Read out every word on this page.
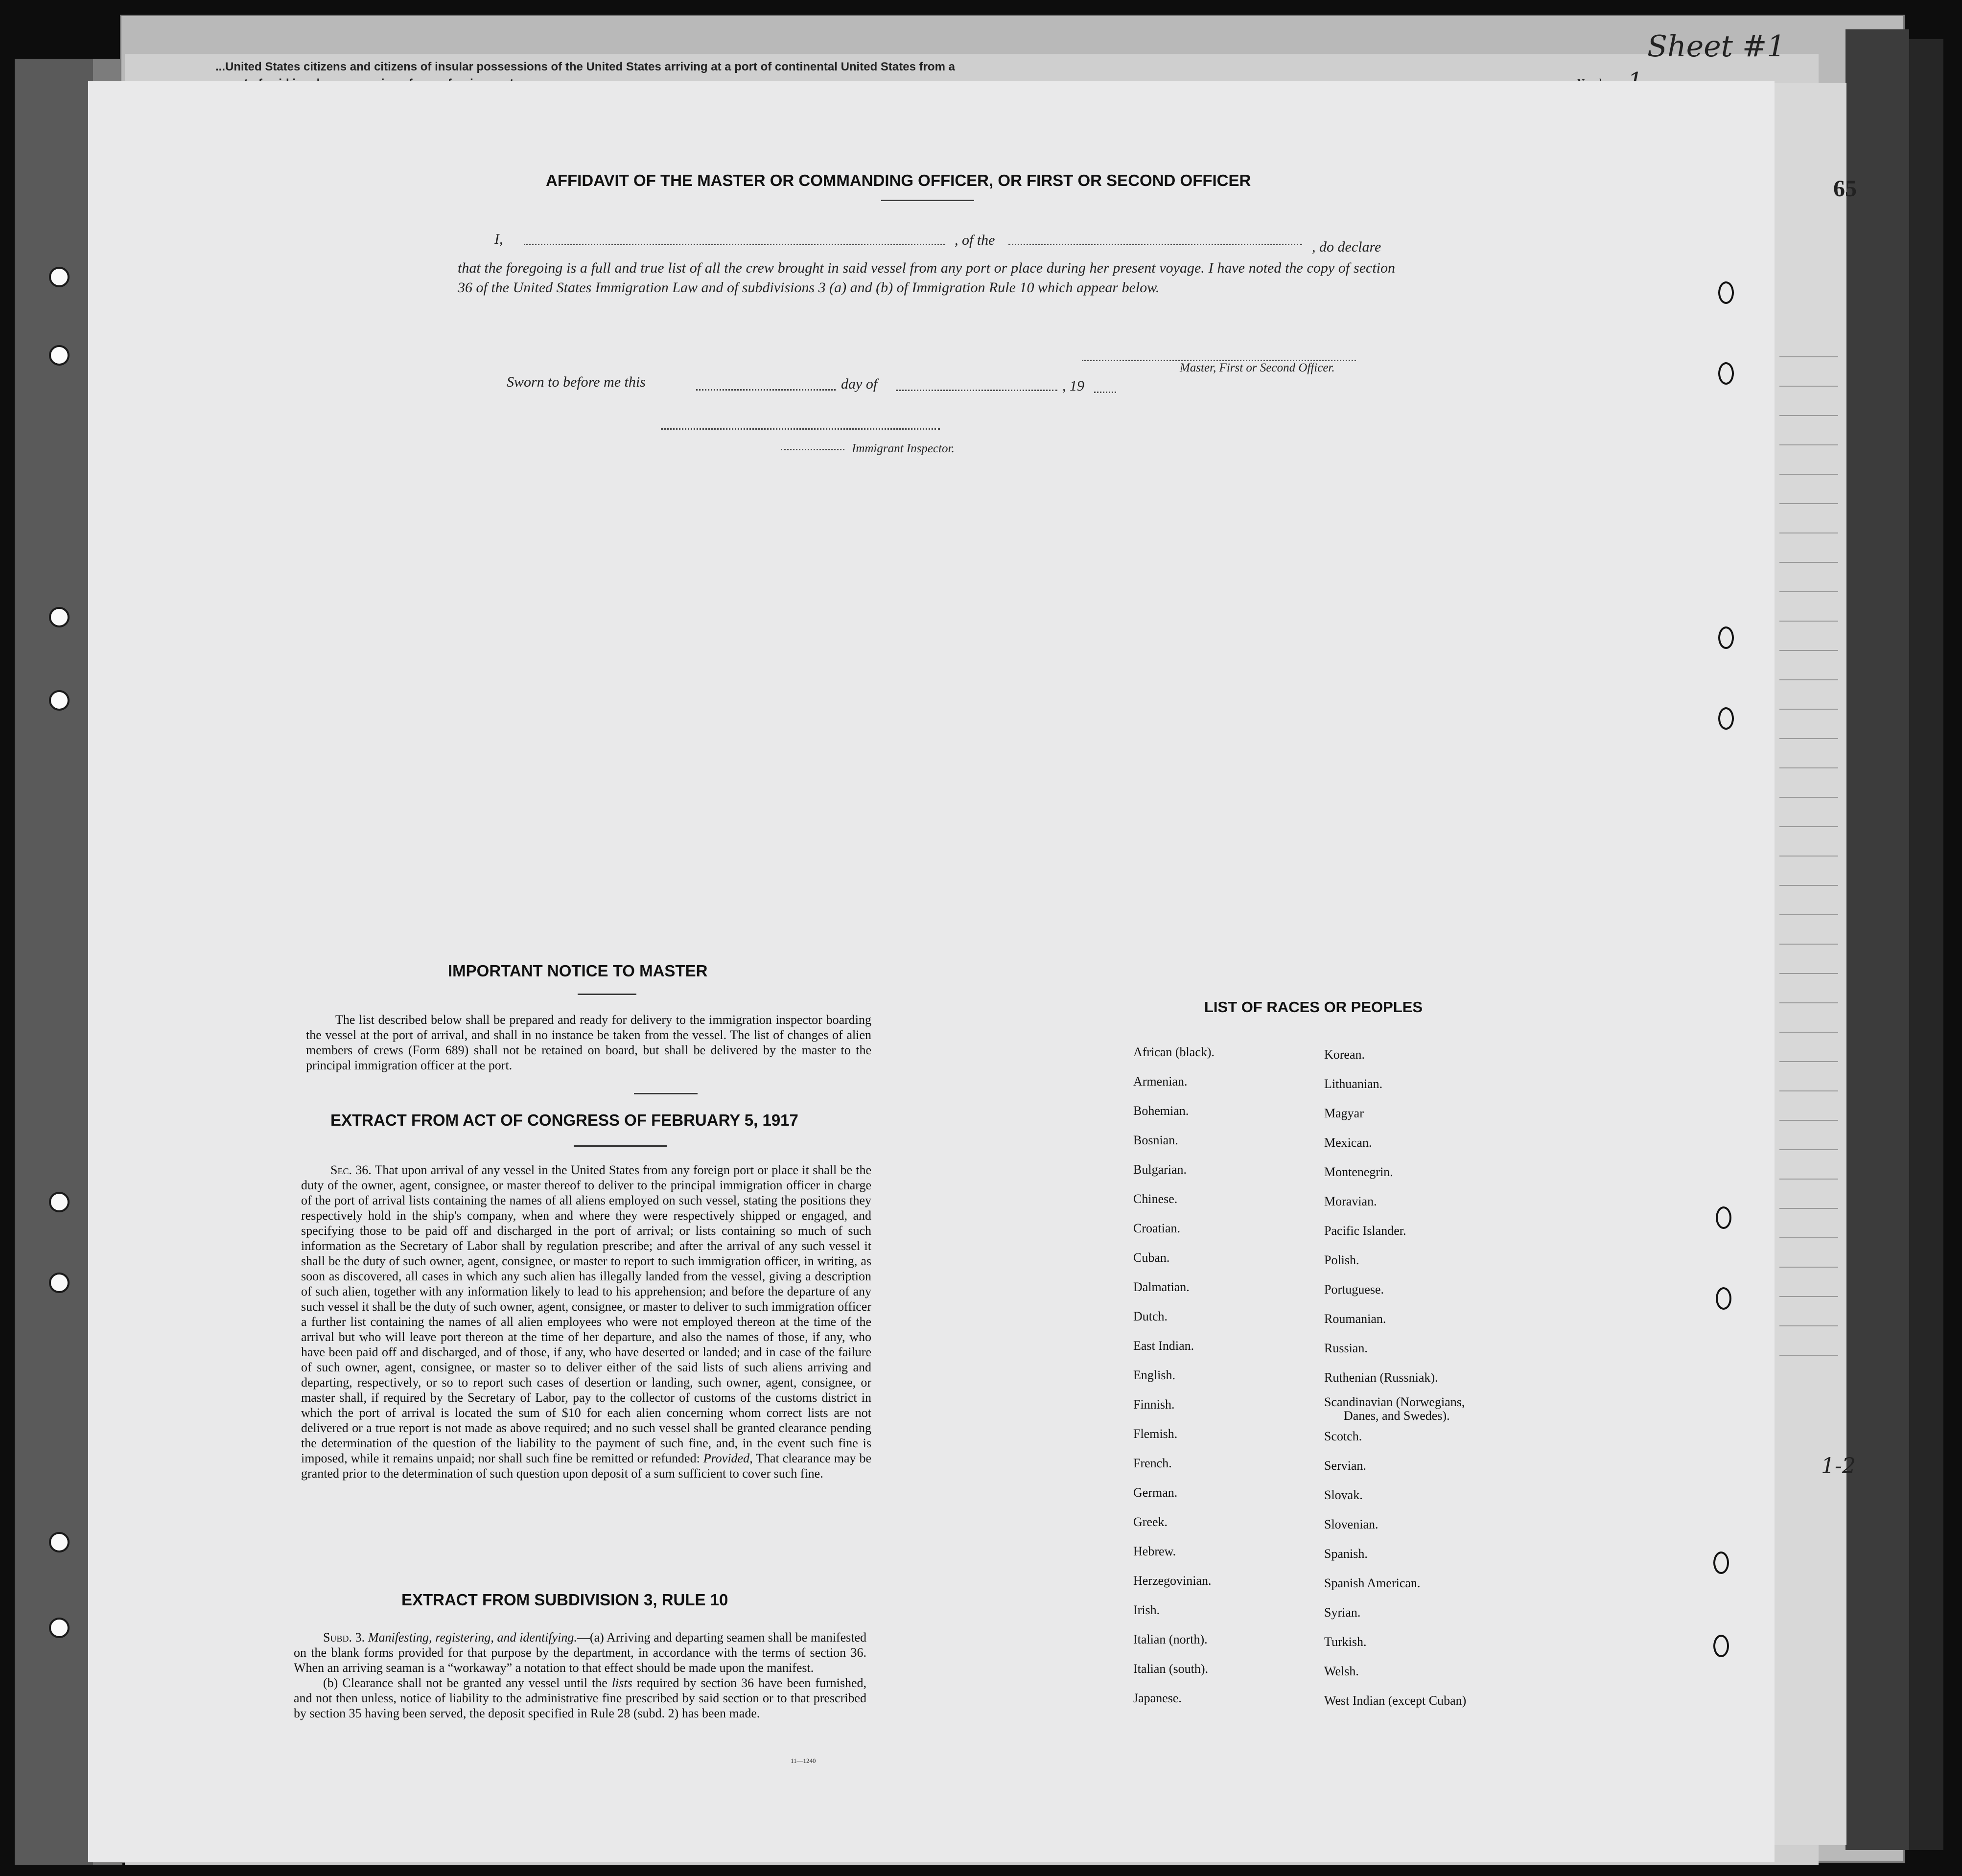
...United States citizens and citizens of insular possessions of the United States arriving at a port of continental United States from a
Sheet #1
65
AFFIDAVIT OF THE MASTER OR COMMANDING OFFICER, OR FIRST OR SECOND OFFICER
I,	, of the	, do declare
that the foregoing is a full and true list of all the crew brought in said vessel from any port or place during her present voyage. I have noted the copy of section 36 of the United States Immigration Law and of subdivisions 3 (a) and (b) of Immigration Rule 10 which appear below.
Master, First or Second Officer.
Sworn to before me this	day of	, 19
Immigrant Inspector.
IMPORTANT NOTICE TO MASTER
The list described below shall be prepared and ready for delivery to the immigration inspector boarding the vessel at the port of arrival, and shall in no instance be taken from the vessel. The list of changes of alien members of crews (Form 689) shall not be retained on board, but shall be delivered by the master to the principal immigration officer at the port.
EXTRACT FROM ACT OF CONGRESS OF FEBRUARY 5, 1917
Sec. 36. That upon arrival of any vessel in the United States from any foreign port or place it shall be the duty of the owner, agent, consignee, or master thereof to deliver to the principal immigration officer in charge of the port of arrival lists containing the names of all aliens employed on such vessel, stating the positions they respectively hold in the ship's company, when and where they were respectively shipped or engaged, and specifying those to be paid off and discharged in the port of arrival; or lists containing so much of such information as the Secretary of Labor shall by regulation prescribe; and after the arrival of any such vessel it shall be the duty of such owner, agent, consignee, or master to report to such immigration officer, in writing, as soon as discovered, all cases in which any such alien has illegally landed from the vessel, giving a description of such alien, together with any information likely to lead to his apprehension; and before the departure of any such vessel it shall be the duty of such owner, agent, consignee, or master to deliver to such immigration officer a further list containing the names of all alien employees who were not employed thereon at the time of the arrival but who will leave port thereon at the time of her departure, and also the names of those, if any, who have been paid off and discharged, and of those, if any, who have deserted or landed; and in case of the failure of such owner, agent, consignee, or master so to deliver either of the said lists of such aliens arriving and departing, respectively, or so to report such cases of desertion or landing, such owner, agent, consignee, or master shall, if required by the Secretary of Labor, pay to the collector of customs of the customs district in which the port of arrival is located the sum of $10 for each alien concerning whom correct lists are not delivered or a true report is not made as above required; and no such vessel shall be granted clearance pending the determination of the question of the liability to the payment of such fine, and, in the event such fine is imposed, while it remains unpaid; nor shall such fine be remitted or refunded: Provided, That clearance may be granted prior to the determination of such question upon deposit of a sum sufficient to cover such fine.
EXTRACT FROM SUBDIVISION 3, RULE 10

Subd. 3. Manifesting, registering, and identifying.—(a) Arriving and departing seamen shall be manifested on the blank forms provided for that purpose by the department, in accordance with the terms of section 36. When an arriving seaman is a “workaway” a notation to that effect should be made upon the manifest.

(b) Clearance shall not be granted any vessel until the lists required by section 36 have been furnished, and not then unless, notice of liability to the administrative fine prescribed by said section or to that prescribed by section 35 having been served, the deposit specified in Rule 28 (subd. 2) has been made.

11—1240
LIST OF RACES OR PEOPLES
African (black).
Armenian.
Bohemian.
Bosnian.
Bulgarian.
Chinese.
Croatian.
Cuban.
Dalmatian.
Dutch.
East Indian.
English.
Finnish.
Flemish.
French.
German.
Greek.
Hebrew.
Herzegovinian.
Irish.
Italian (north).
Italian (south).
Japanese.
Korean.
Lithuanian.
Magyar
Mexican.
Montenegrin.
Moravian.
Pacific Islander.
Polish.
Portuguese.
Roumanian.
Russian.
Ruthenian (Russniak).
Scandinavian (Norwegians,
Danes, and Swedes).
Scotch.
Servian.
Slovak.
Slovenian.
Spanish.
Spanish American.
Syrian.
Turkish.
Welsh.
West Indian (except Cuban)
1-2
